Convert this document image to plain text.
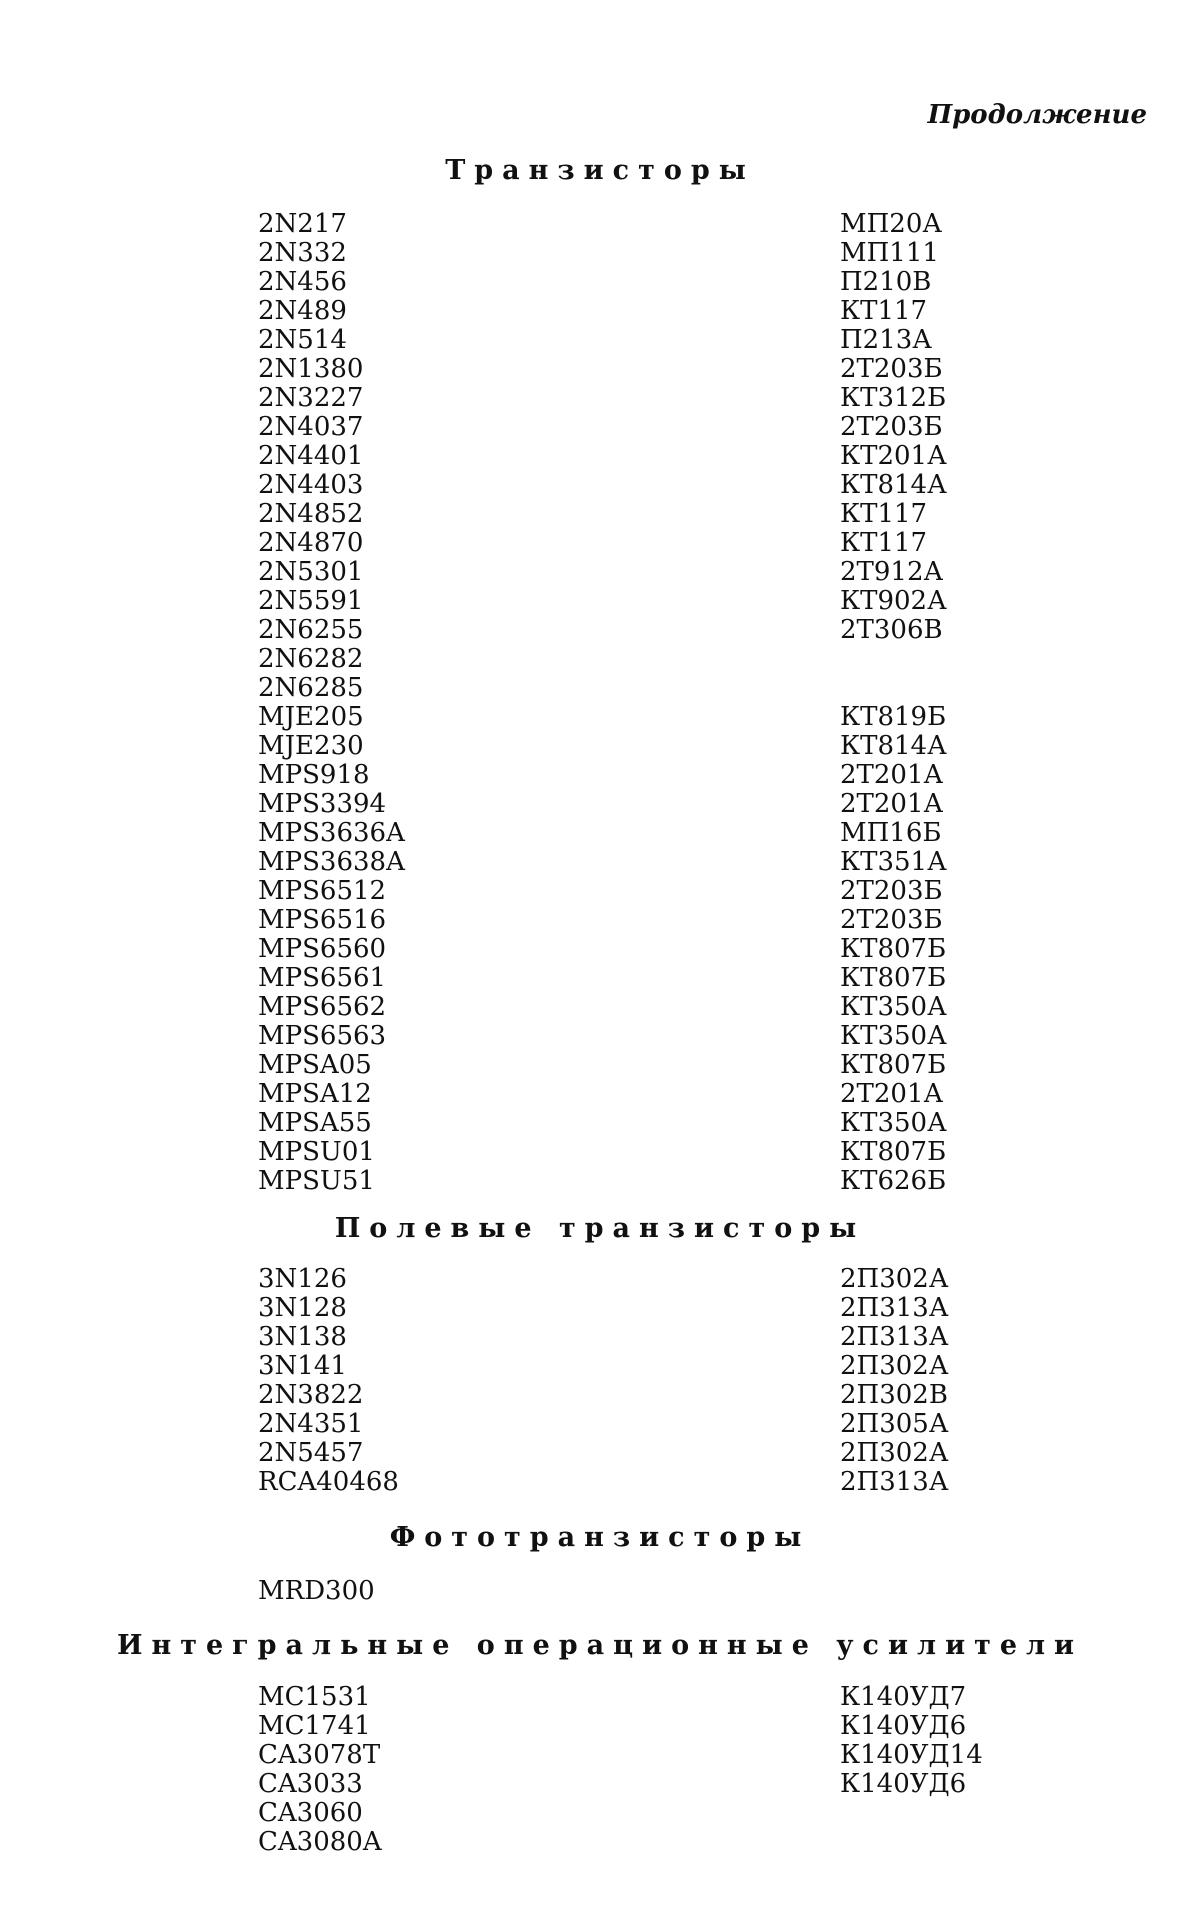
Продолжение
Транзисторы
2N217	МП20А
2N332	МП111
2N456	П210В
2N489	КТ117
2N514	П213А
2N1380	2Т203Б
2N3227	КТ312Б
2N4037	2Т203Б
2N4401	КТ201А
2N4403	КТ814А
2N4852	КТ117
2N4870	КТ117
2N5301	2Т912А
2N5591	КТ902А
2N6255	2Т306В
2N6282
2N6285
MJE205	КТ819Б
MJE230	КТ814А
MPS918	2Т201А
MPS3394	2Т201А
MPS3636A	МП16Б
MPS3638A	КТ351А
MPS6512	2Т203Б
MPS6516	2Т203Б
MPS6560	КТ807Б
MPS6561	КТ807Б
MPS6562	КТ350А
MPS6563	КТ350А
MPSA05	КТ807Б
MPSA12	2Т201А
MPSA55	КТ350А
MPSU01	КТ807Б
MPSU51	КТ626Б
Полевые транзисторы
3N126	2П302А
3N128	2П313А
3N138	2П313А
3N141	2П302А
2N3822	2П302В
2N4351	2П305А
2N5457	2П302А
RCA40468	2П313А
Фототранзисторы
MRD300
Интегральные операционные усилители
MC1531	К140УД7
MC1741	К140УД6
CA3078T	К140УД14
CA3033	К140УД6
CA3060
CA3080A
